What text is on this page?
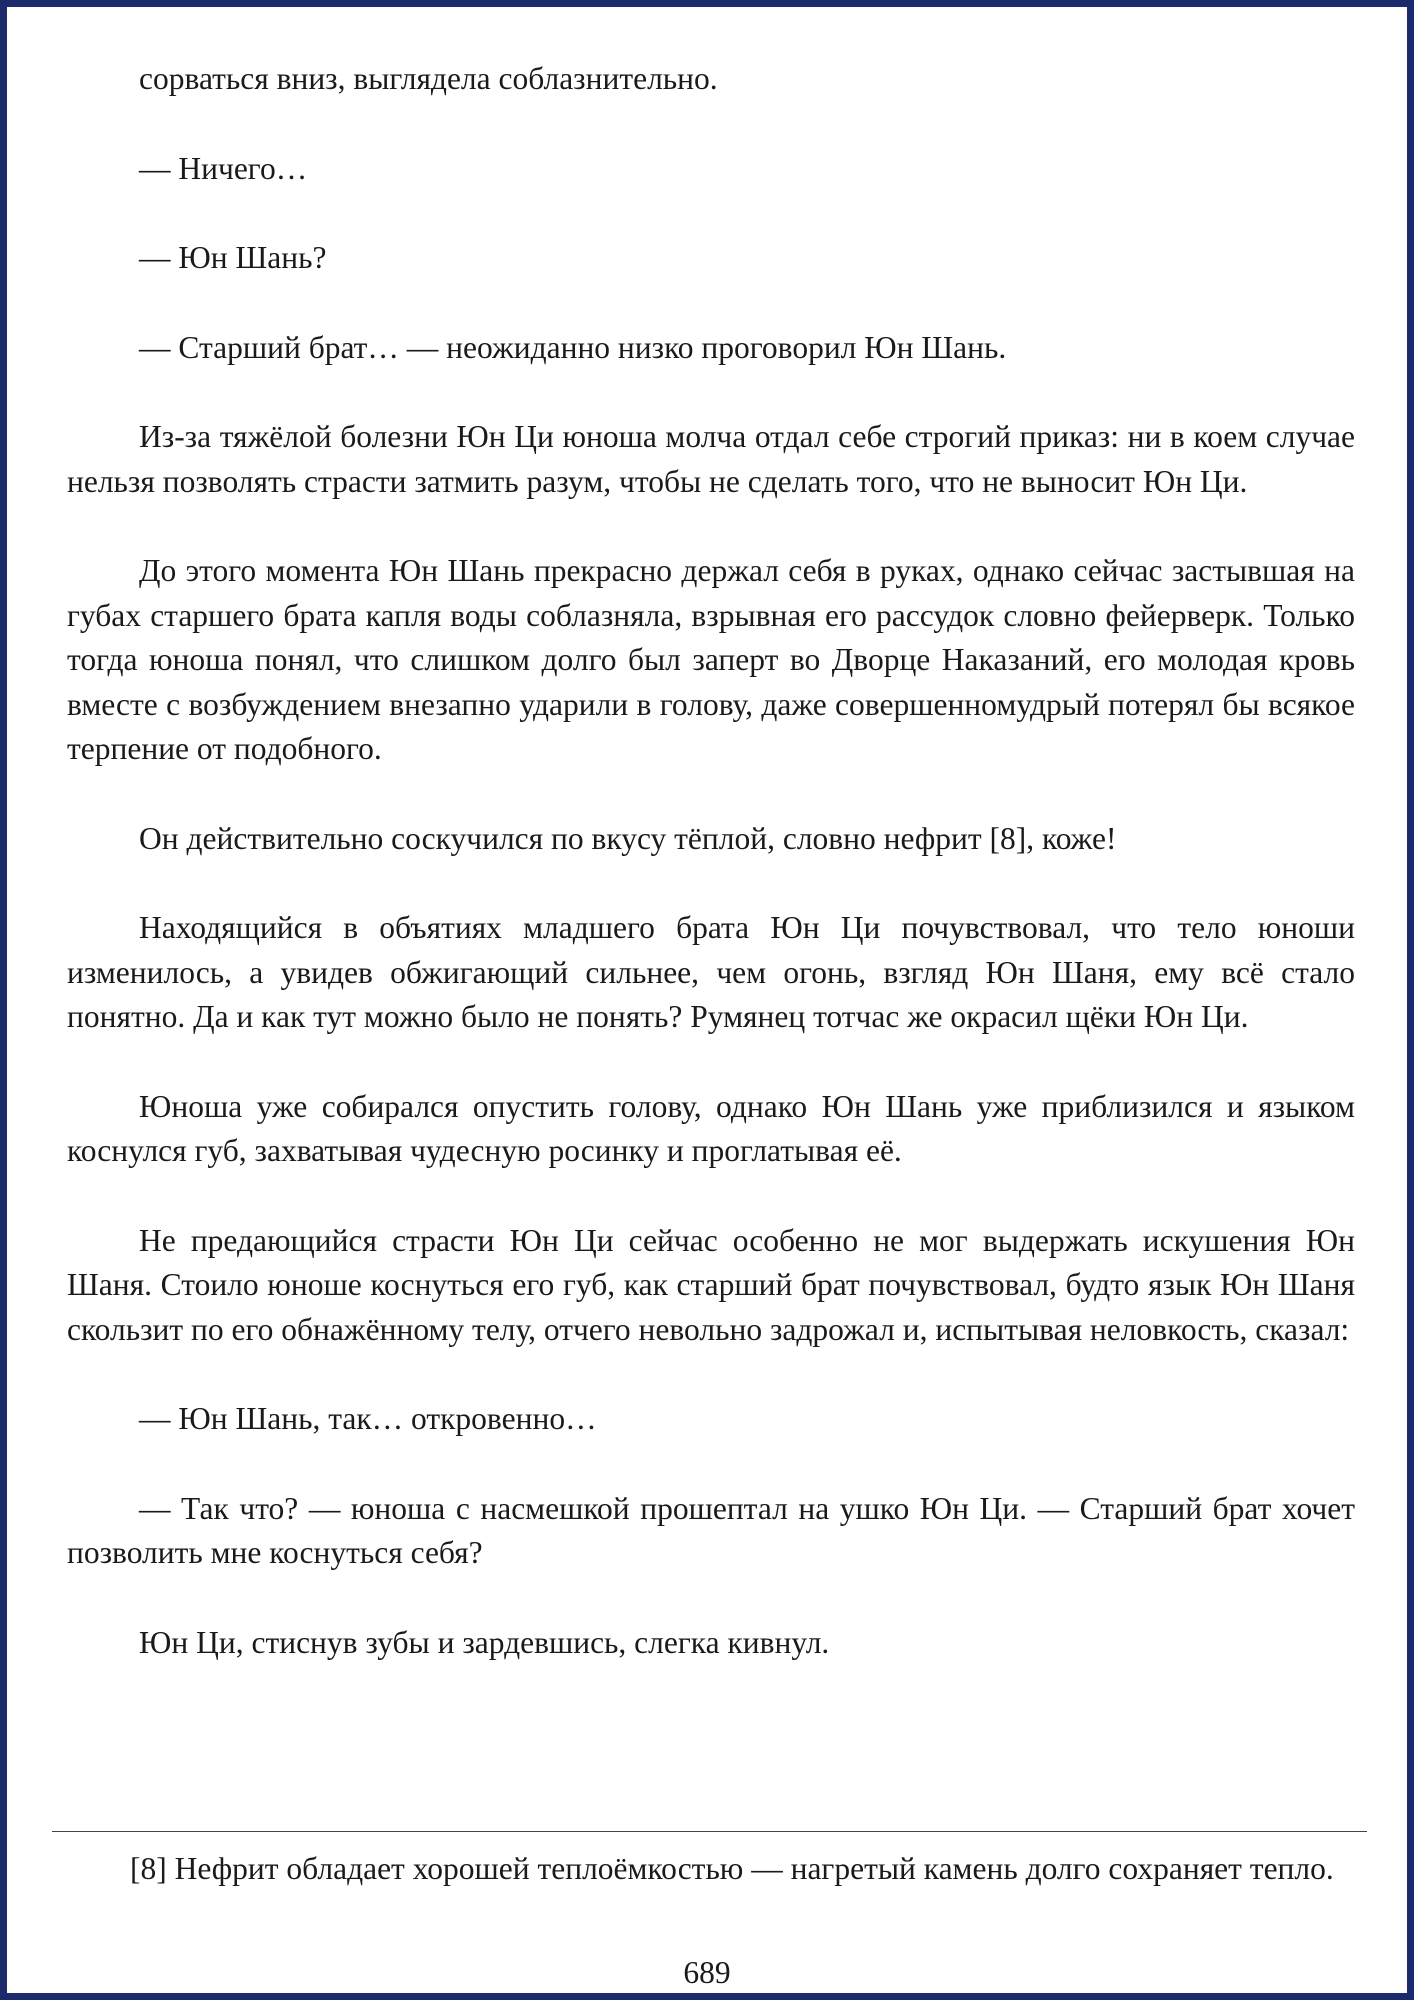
сорваться вниз, выглядела соблазнительно.

— Ничего…

— Юн Шань?

— Старший брат… — неожиданно низко проговорил Юн Шань.

Из-за тяжёлой болезни Юн Ци юноша молча отдал себе строгий приказ: ни в коем случае нельзя позволять страсти затмить разум, чтобы не сделать того, что не выносит Юн Ци.

До этого момента Юн Шань прекрасно держал себя в руках, однако сейчас застывшая на губах старшего брата капля воды соблазняла, взрывная его рассудок словно фейерверк. Только тогда юноша понял, что слишком долго был заперт во Дворце Наказаний, его молодая кровь вместе с возбуждением внезапно ударили в голову, даже совершенномудрый потерял бы всякое терпение от подобного.

Он действительно соскучился по вкусу тёплой, словно нефрит [8], коже!

Находящийся в объятиях младшего брата Юн Ци почувствовал, что тело юноши изменилось, а увидев обжигающий сильнее, чем огонь, взгляд Юн Шаня, ему всё стало понятно. Да и как тут можно было не понять? Румянец тотчас же окрасил щёки Юн Ци.

Юноша уже собирался опустить голову, однако Юн Шань уже приблизился и языком коснулся губ, захватывая чудесную росинку и проглатывая её.

Не предающийся страсти Юн Ци сейчас особенно не мог выдержать искушения Юн Шаня. Стоило юноше коснуться его губ, как старший брат почувствовал, будто язык Юн Шаня скользит по его обнажённому телу, отчего невольно задрожал и, испытывая неловкость, сказал:

— Юн Шань, так… откровенно…

— Так что? — юноша с насмешкой прошептал на ушко Юн Ци. — Старший брат хочет позволить мне коснуться себя?

Юн Ци, стиснув зубы и зардевшись, слегка кивнул.

[8] Нефрит обладает хорошей теплоёмкостью — нагретый камень долго сохраняет тепло.

689
